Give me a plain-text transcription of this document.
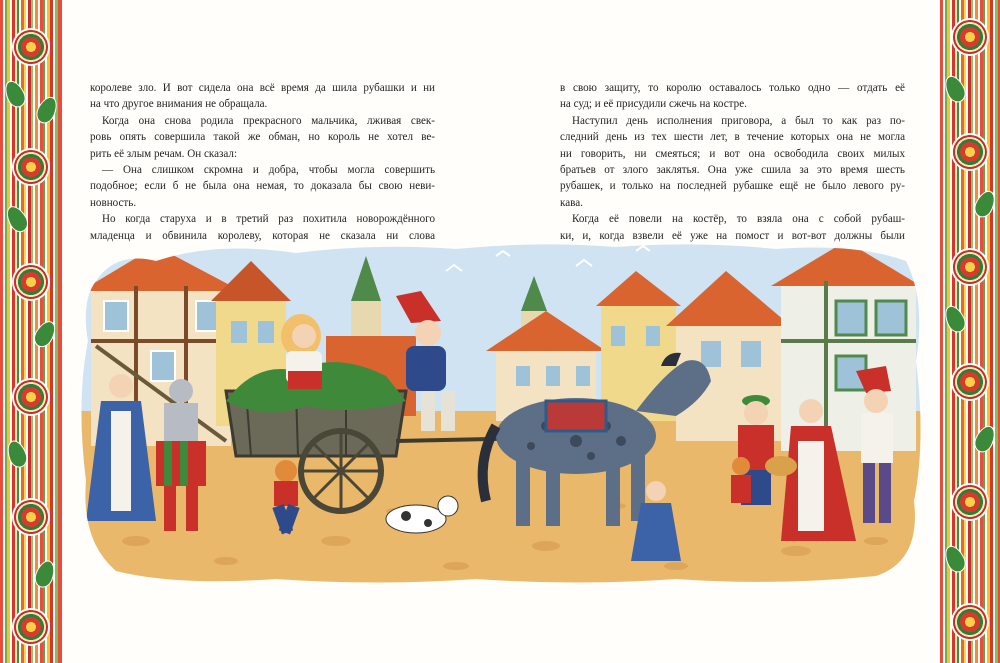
королеве зло. И вот сидела она всё время да шила рубашки и ни
на что другое внимания не обращала.
Когда она снова родила прекрасного мальчика, лживая свек-
ровь опять совершила такой же обман, но король не хотел ве-
рить её злым речам. Он сказал:
— Она слишком скромна и добра, чтобы могла совершить
подобное; если б не была она немая, то доказала бы свою неви-
новность.
Но когда старуха и в третий раз похитила новорождённого
младенца и обвинила королеву, которая не сказала ни слова
в свою защиту, то королю оставалось только одно — отдать её
на суд; и её присудили сжечь на костре.
Наступил день исполнения приговора, а был то как раз по-
следний день из тех шести лет, в течение которых она не могла
ни говорить, ни смеяться; и вот она освободила своих милых
братьев от злого заклятья. Она уже сшила за это время шесть
рубашек, и только на последней рубашке ещё не было левого ру-
кава.
Когда её повели на костёр, то взяла она с собой рубаш-
ки, и, когда взвели её уже на помост и вот-вот должны были
